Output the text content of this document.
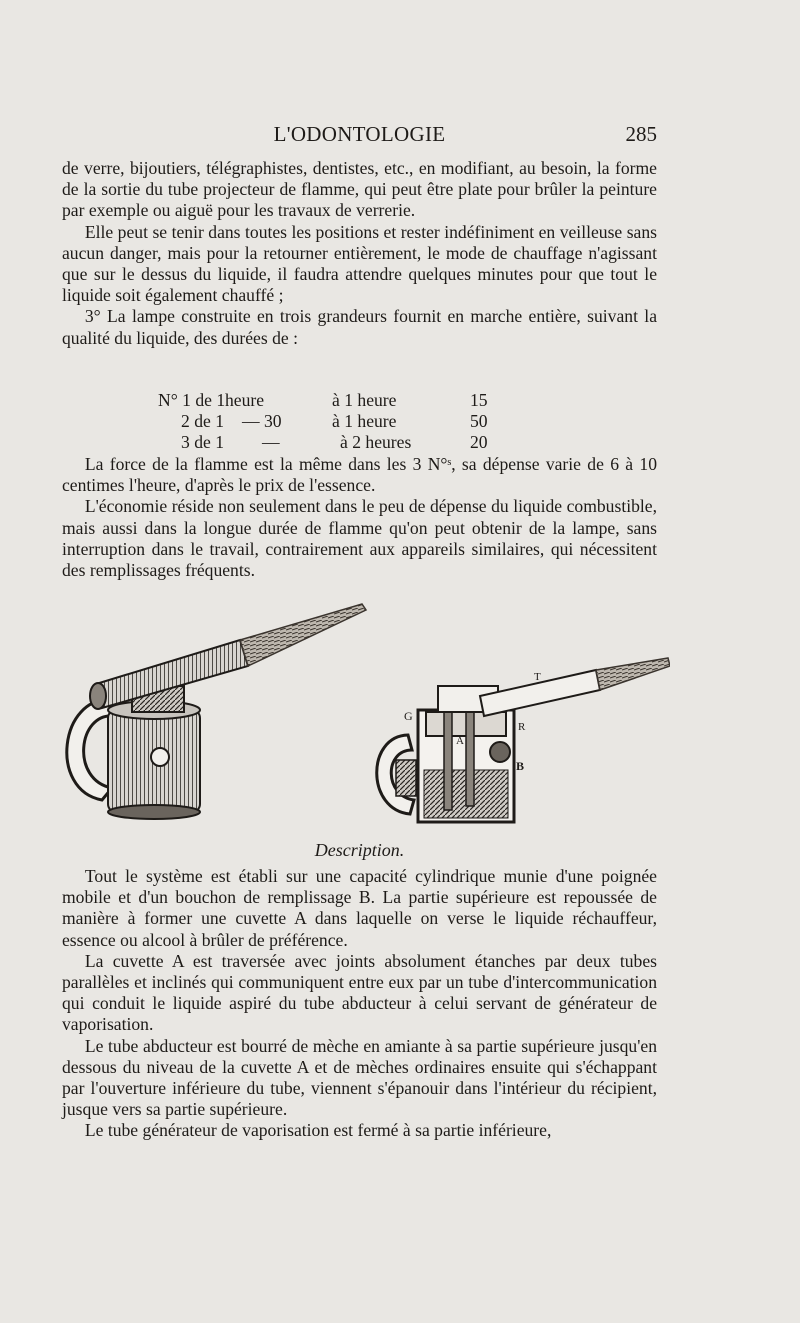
L'ODONTOLOGIE	285

de verre, bijoutiers, télégraphistes, dentistes, etc., en modifiant, au besoin, la forme de la sortie du tube projecteur de flamme, qui peut être plate pour brûler la peinture par exemple ou aiguë pour les travaux de verrerie.

Elle peut se tenir dans toutes les positions et rester indéfiniment en veilleuse sans aucun danger, mais pour la retourner entièrement, le mode de chauffage n'agissant que sur le dessus du liquide, il faudra attendre quelques minutes pour que tout le liquide soit également chauffé ;

3° La lampe construite en trois grandeurs fournit en marche entière, suivant la qualité du liquide, des durées de :

N° 1 de 1 heure	à 1 heure	15
2 de 1 — 30	à 1 heure	50
3 de 1 —	à 2 heures	20

La force de la flamme est la même dans les 3 N°ˢ, sa dépense varie de 6 à 10 centimes l'heure, d'après le prix de l'essence.

L'économie réside non seulement dans le peu de dépense du liquide combustible, mais aussi dans la longue durée de flamme qu'on peut obtenir de la lampe, sans interruption dans le travail, contrairement aux appareils similaires, qui nécessitent des remplissages fréquents.

G
R
A
B
T
Description.

Tout le système est établi sur une capacité cylindrique munie d'une poignée mobile et d'un bouchon de remplissage B. La partie supérieure est repoussée de manière à former une cuvette A dans laquelle on verse le liquide réchauffeur, essence ou alcool à brûler de préférence.

La cuvette A est traversée avec joints absolument étanches par deux tubes parallèles et inclinés qui communiquent entre eux par un tube d'intercommunication qui conduit le liquide aspiré du tube abducteur à celui servant de générateur de vaporisation.

Le tube abducteur est bourré de mèche en amiante à sa partie supérieure jusqu'en dessous du niveau de la cuvette A et de mèches ordinaires ensuite qui s'échappant par l'ouverture inférieure du tube, viennent s'épanouir dans l'intérieur du récipient, jusque vers sa partie supérieure.

Le tube générateur de vaporisation est fermé à sa partie inférieure,
